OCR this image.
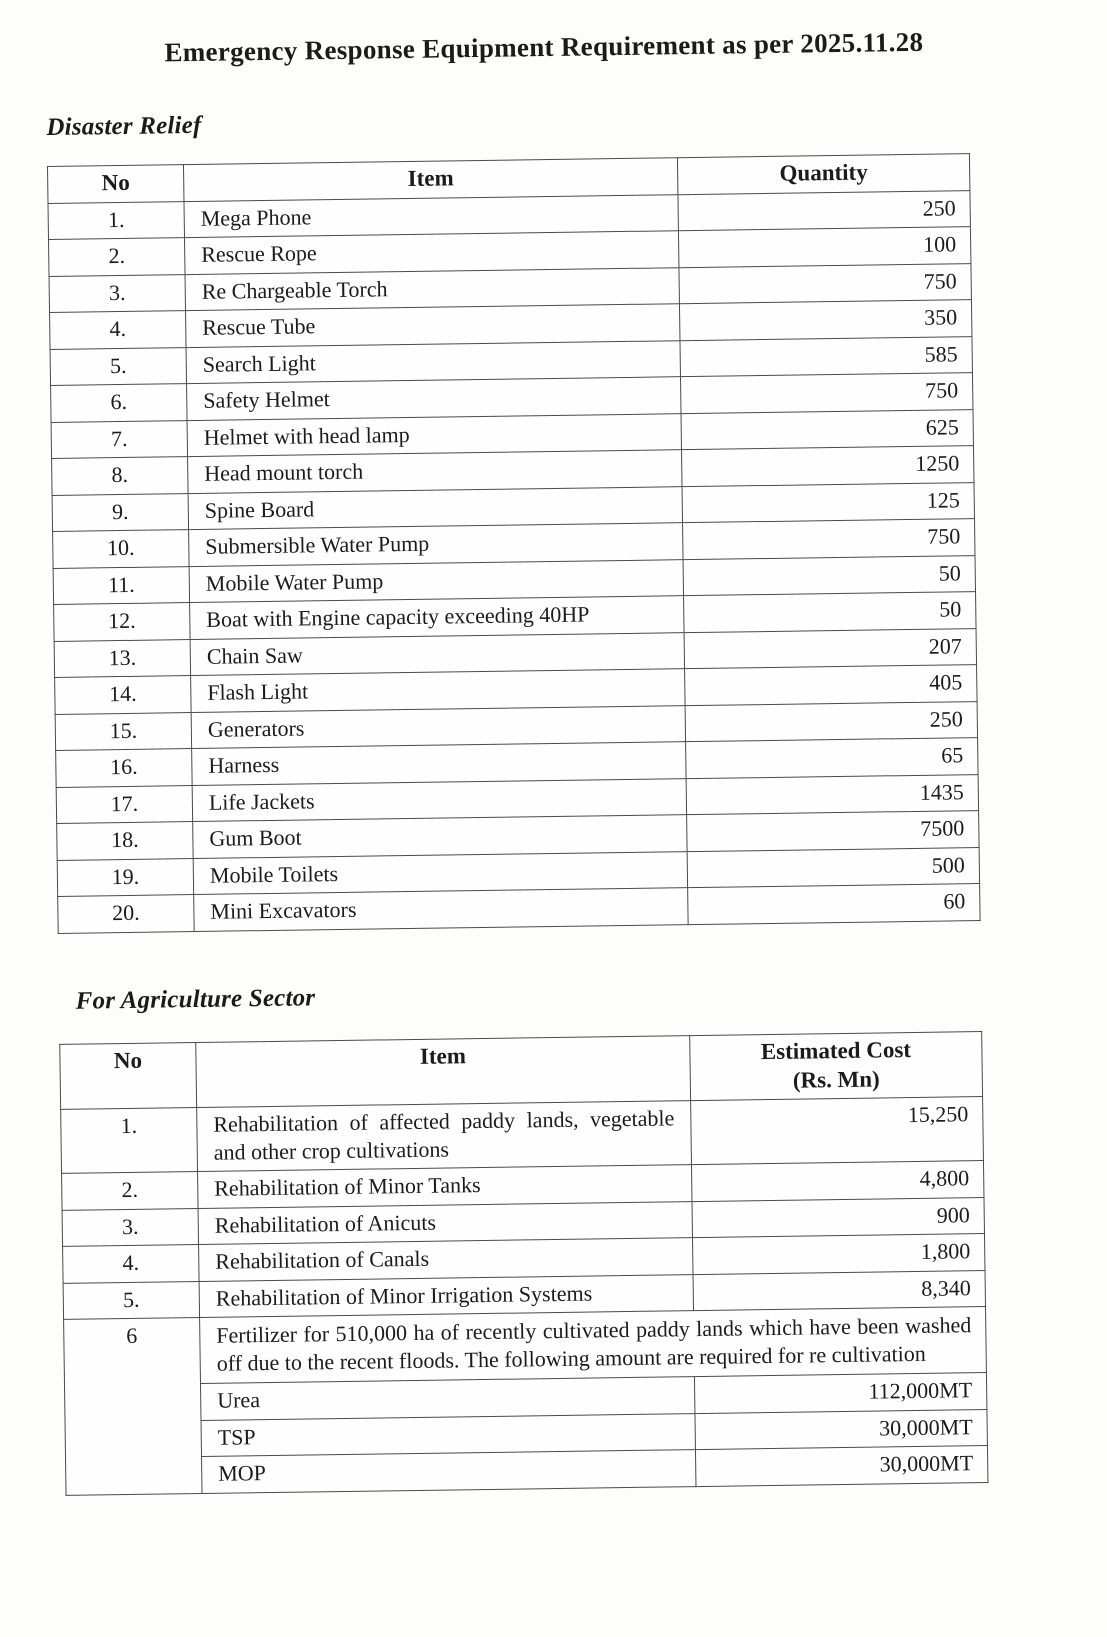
Emergency Response Equipment Requirement as per 2025.11.28
Disaster Relief
No	Item	Quantity
1.	Mega Phone	250
2.	Rescue Rope	100
3.	Re Chargeable Torch	750
4.	Rescue Tube	350
5.	Search Light	585
6.	Safety Helmet	750
7.	Helmet with head lamp	625
8.	Head mount torch	1250
9.	Spine Board	125
10.	Submersible Water Pump	750
11.	Mobile Water Pump	50
12.	Boat with Engine capacity exceeding 40HP	50
13.	Chain Saw	207
14.	Flash Light	405
15.	Generators	250
16.	Harness	65
17.	Life Jackets	1435
18.	Gum Boot	7500
19.	Mobile Toilets	500
20.	Mini Excavators	60
For Agriculture Sector
No	Item	Estimated Cost
(Rs. Mn)

1.	Rehabilitation of affected paddy lands, vegetable and other crop cultivations	15,250
2.	Rehabilitation of Minor Tanks	4,800
3.	Rehabilitation of Anicuts	900
4.	Rehabilitation of Canals	1,800
5.	Rehabilitation of Minor Irrigation Systems	8,340
6	Fertilizer for 510,000 ha of recently cultivated paddy lands which have been washed off due to the recent floods. The following amount are required for re cultivation	
	Urea	112,000MT
	TSP	30,000MT
	MOP	30,000MT
